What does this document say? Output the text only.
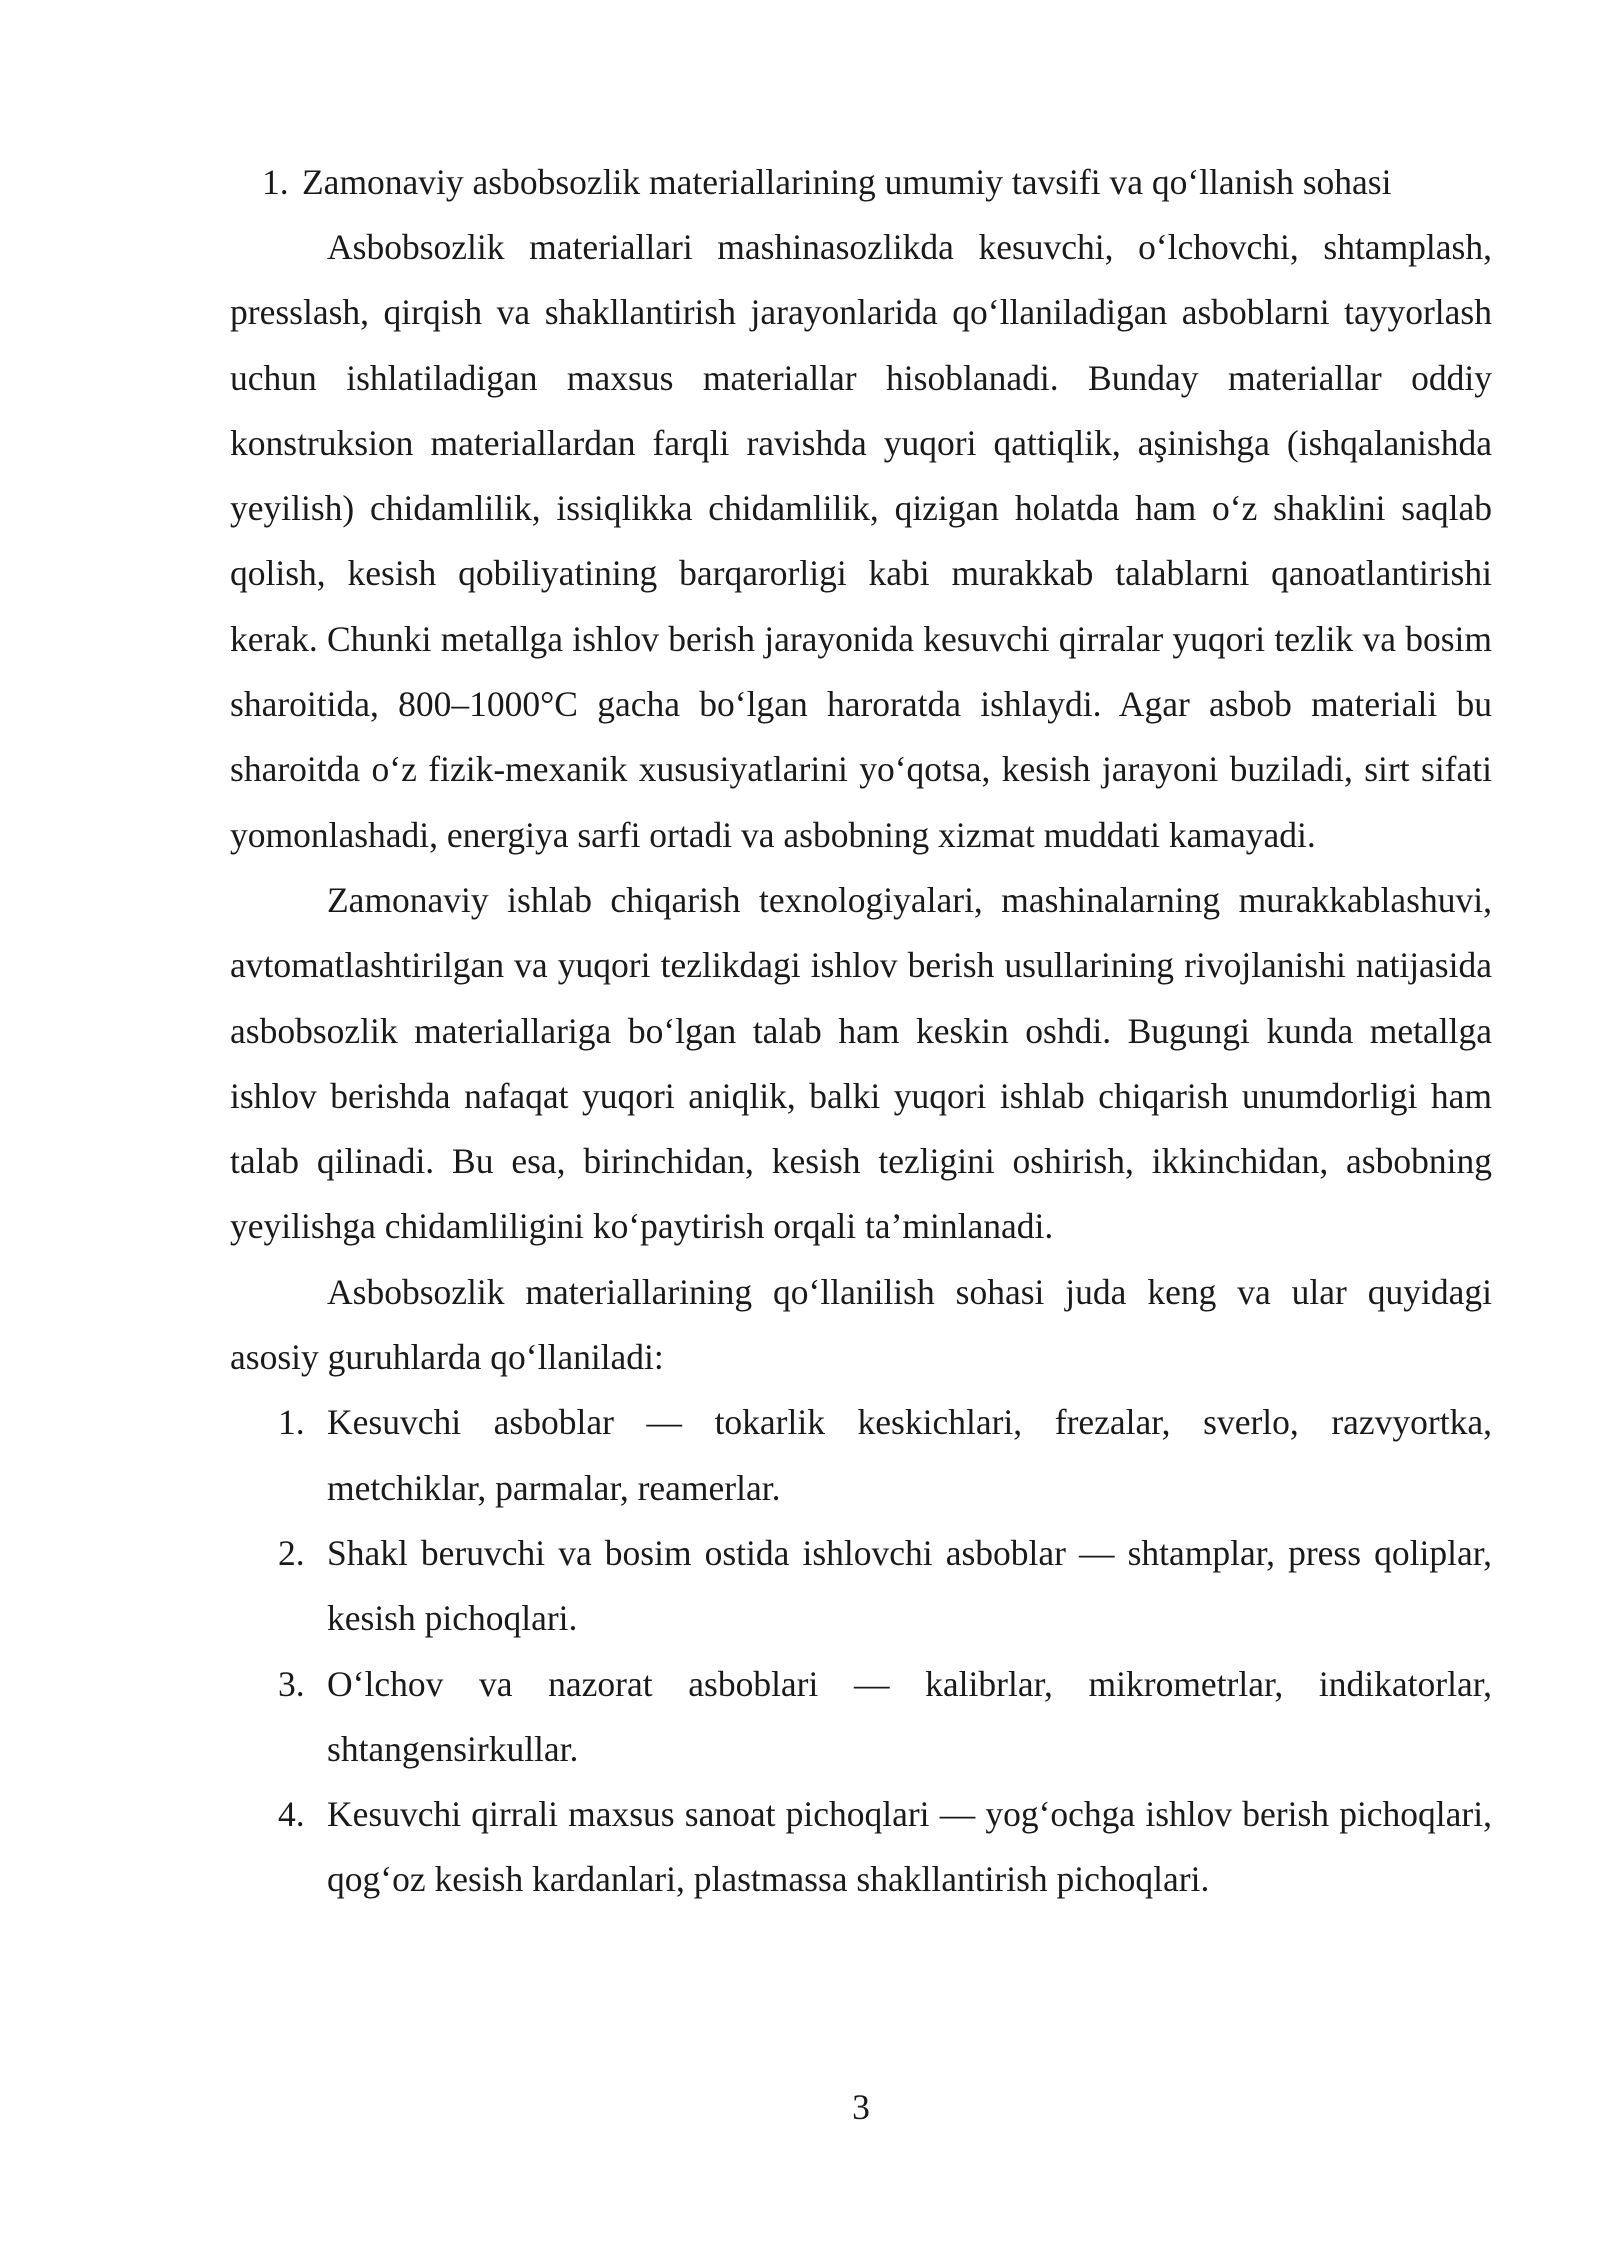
1. Zamonaviy asbobsozlik materiallarining umumiy tavsifi va qo‘llanish sohasi

Asbobsozlik materiallari mashinasozlikda kesuvchi, o‘lchovchi, shtamplash, presslash, qirqish va shakllantirish jarayonlarida qo‘llaniladigan asboblarni tayyorlash uchun ishlatiladigan maxsus materiallar hisoblanadi. Bunday materiallar oddiy konstruksion materiallardan farqli ravishda yuqori qattiqlik, aşinishga (ishqalanishda yeyilish) chidamlilik, issiqlikka chidamlilik, qizigan holatda ham o‘z shaklini saqlab qolish, kesish qobiliyatining barqarorligi kabi murakkab talablarni qanoatlantirishi kerak. Chunki metallga ishlov berish jarayonida kesuvchi qirralar yuqori tezlik va bosim sharoitida, 800–1000°C gacha bo‘lgan haroratda ishlaydi. Agar asbob materiali bu sharoitda o‘z fizik-mexanik xususiyatlarini yo‘qotsa, kesish jarayoni buziladi, sirt sifati yomonlashadi, energiya sarfi ortadi va asbobning xizmat muddati kamayadi.

Zamonaviy ishlab chiqarish texnologiyalari, mashinalarning murakkablashuvi, avtomatlashtirilgan va yuqori tezlikdagi ishlov berish usullarining rivojlanishi natijasida asbobsozlik materiallariga bo‘lgan talab ham keskin oshdi. Bugungi kunda metallga ishlov berishda nafaqat yuqori aniqlik, balki yuqori ishlab chiqarish unumdorligi ham talab qilinadi. Bu esa, birinchidan, kesish tezligini oshirish, ikkinchidan, asbobning yeyilishga chidamliligini ko‘paytirish orqali ta’minlanadi.

Asbobsozlik materiallarining qo‘llanilish sohasi juda keng va ular quyidagi asosiy guruhlarda qo‘llaniladi:

1. Kesuvchi asboblar — tokarlik keskichlari, frezalar, sverlo, razvyortka, metchiklar, parmalar, reamerlar.
2. Shakl beruvchi va bosim ostida ishlovchi asboblar — shtamplar, press qoliplar, kesish pichoqlari.
3. O‘lchov va nazorat asboblari — kalibrlar, mikrometrlar, indikatorlar, shtangensirkullar.
4. Kesuvchi qirrali maxsus sanoat pichoqlari — yog‘ochga ishlov berish pichoqlari, qog‘oz kesish kardanlari, plastmassa shakllantirish pichoqlari.
3
